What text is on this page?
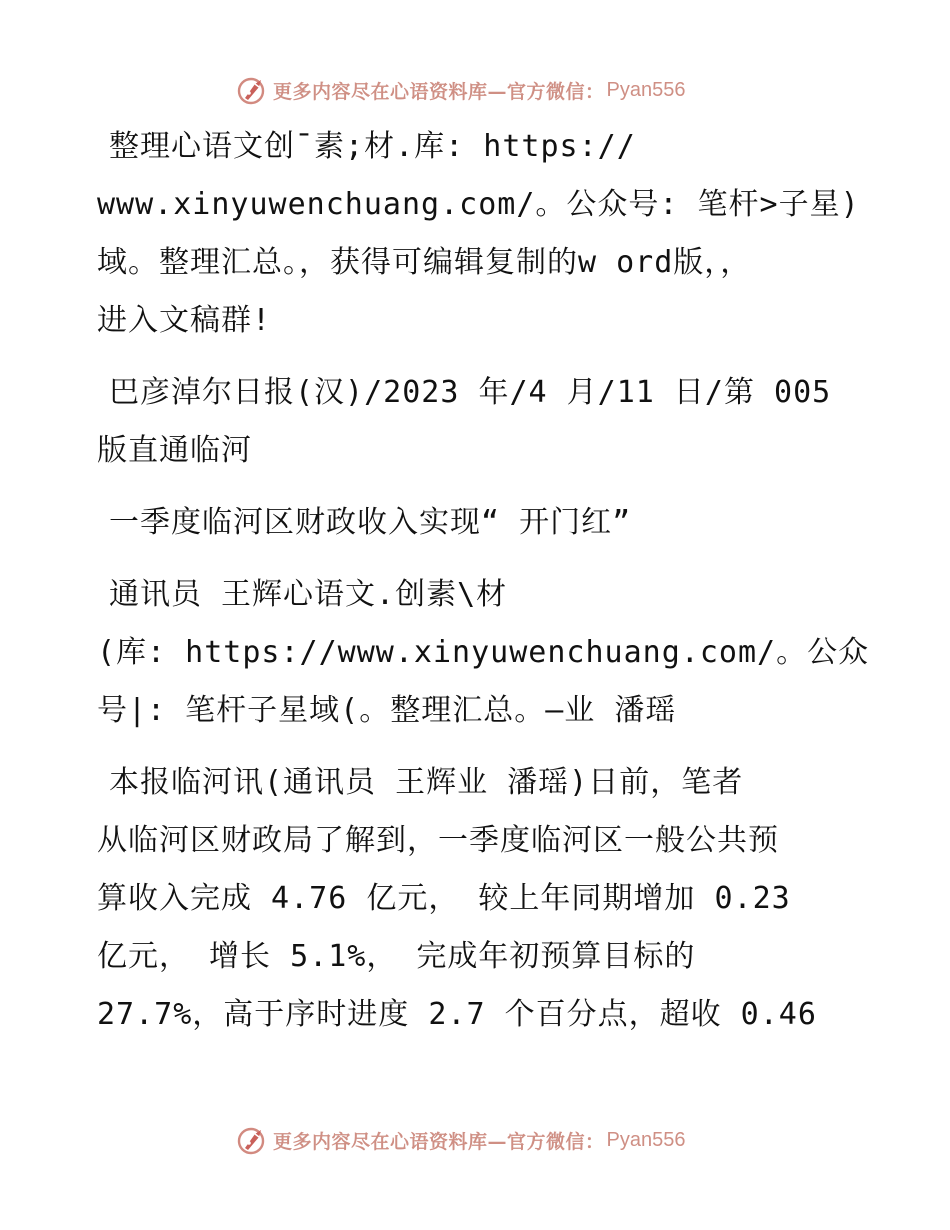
更多内容尽在心语资料库—官方微信： Pyan556

整理心语文创¯素;材.库: https://

www.xinyuwenchuang.com/。公众号: 笔杆>子星)

域。整理汇总。，获得可编辑复制的w ord版，，

进入文稿群!

巴彦淖尔日报(汉)/2023 年/4 月/11 日/第 005

版直通临河

一季度临河区财政收入实现“ 开门红”

通讯员 王辉心语文.创素\材

(库: https://www.xinyuwenchuang.com/。公众

号|: 笔杆子星域(。整理汇总。—业 潘瑶

本报临河讯(通讯员 王辉业 潘瑶)日前，笔者

从临河区财政局了解到，一季度临河区一般公共预

算收入完成 4.76 亿元， 较上年同期增加 0.23

亿元， 增长 5.1%， 完成年初预算目标的

27.7%，高于序时进度 2.7 个百分点，超收 0.46

更多内容尽在心语资料库—官方微信： Pyan556
